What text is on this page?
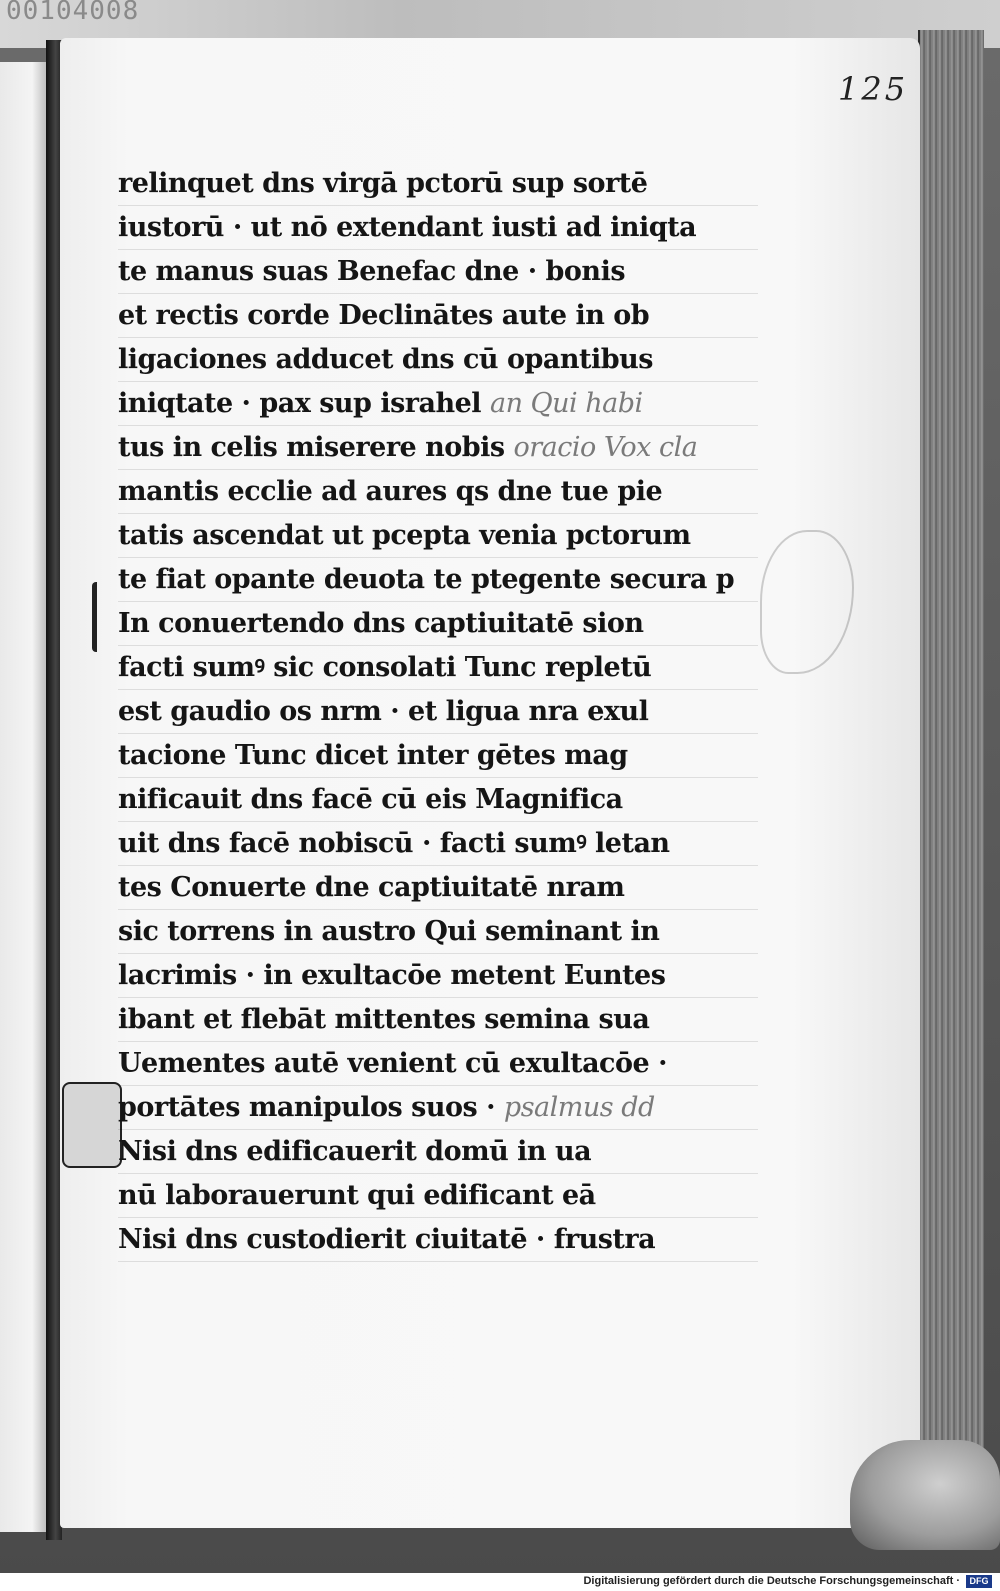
00104008
125
relinquet dns virgā pctorū sup sortē
iustorū · ut nō extendant iusti ad iniqta
te manus suas Benefac dne · bonis
et rectis corde Declinātes aute in ob
ligaciones adducet dns cū opantibus
iniqtate · pax sup israhel an Qui habi
tus in celis miserere nobis oracio Vox cla
mantis ecclie ad aures qs dne tue pie
tatis ascendat ut pcepta venia pctorum
te fiat opante deuota te ptegente secura p
In conuertendo dns captiuitatē sion
facti sumꝰ sic consolati Tunc repletū
est gaudio os nrm · et ligua nra exul
tacione Tunc dicet inter gētes mag
nificauit dns facē cū eis Magnifica
uit dns facē nobiscū · facti sumꝰ letan
tes Conuerte dne captiuitatē nram
sic torrens in austro Qui seminant in
lacrimis · in exultacōe metent Euntes
ibant et flebāt mittentes semina sua
Uementes autē venient cū exultacōe ·
portātes manipulos suos · psalmus dd
Nisi dns edificauerit domū in ua
nū laborauerunt qui edificant eā
Nisi dns custodierit ciuitatē · frustra
Digitalisierung gefördert durch die Deutsche Forschungsgemeinschaft ·	DFG
